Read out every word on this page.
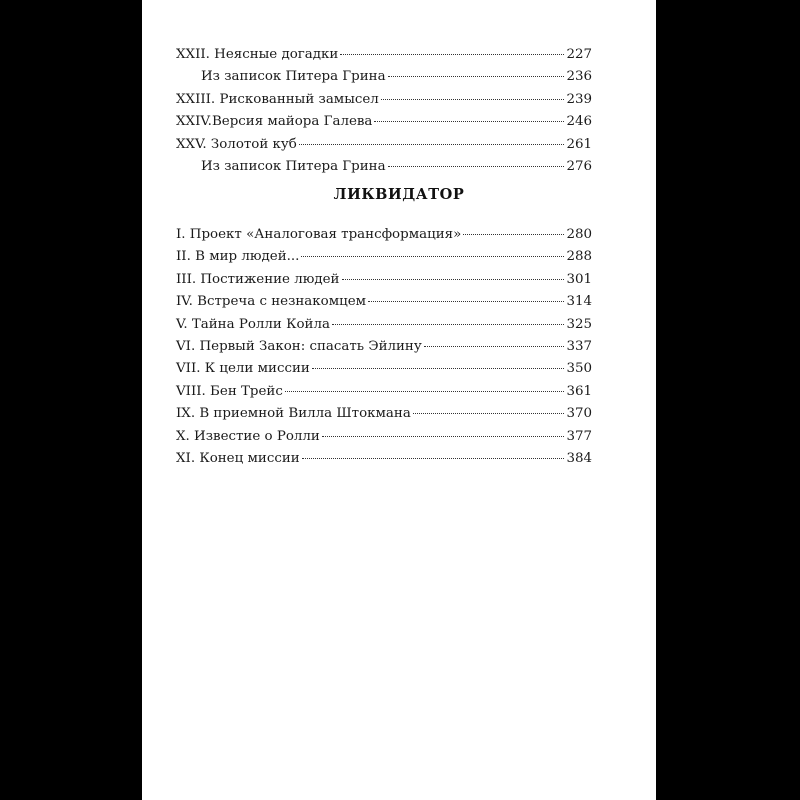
XXII. Неясные догадки	227
Из записок Питера Грина	236
XXIII. Рискованный замысел	239
XXIV.Версия майора Галева	246
XXV. Золотой куб	261
Из записок Питера Грина	276
ЛИКВИДАТОР
I. Проект «Аналоговая трансформация»	280
II. В мир людей...	288
III. Постижение людей	301
IV. Встреча с незнакомцем	314
V. Тайна Ролли Койла	325
VI. Первый Закон: спасать Эйлину	337
VII. К цели миссии	350
VIII. Бен Трейс	361
IX. В приемной Вилла Штокмана	370
X. Известие о Ролли	377
XI. Конец миссии	384
